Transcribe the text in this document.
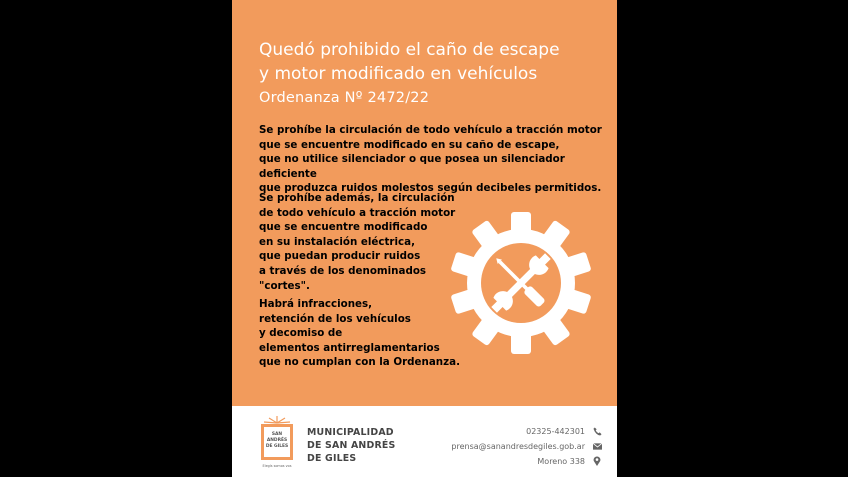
Quedó prohibido el caño de escape
y motor modificado en vehículos

Ordenanza Nº 2472/22

Se prohíbe la circulación de todo vehículo a tracción motor
que se encuentre modificado en su caño de escape,
que no utilice silenciador o que posea un silenciador deficiente
que produzca ruidos molestos según decibeles permitidos.

Se prohíbe además, la circulación
de todo vehículo a tracción motor
que se encuentre modificado
en su instalación eléctrica,
que puedan producir ruidos
a través de los denominados
"cortes".

Habrá infracciones,
retención de los vehículos
y decomiso de
elementos antirreglamentarios
que no cumplan con la Ordenanza.

SAN
ANDRÉS
DE GILES
Elegís somos vos
MUNICIPALIDAD
DE SAN ANDRÉS
DE GILES
02325-442301
prensa@sanandresdegiles.gob.ar
Moreno 338
